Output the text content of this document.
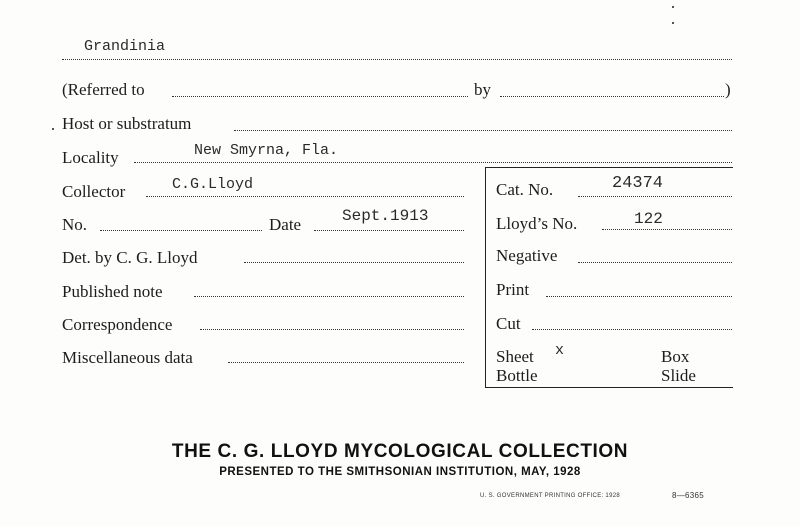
Grandinia
(Referred to	by	)
Host or substratum
Locality	New Smyrna, Fla.
Collector	C.G.Lloyd	Cat. No.	24374
No.	Date	Sept.1913	Lloyd’s No.	122
Det. by C. G. Lloyd	Negative
Published note	Print
Correspondence	Cut
Miscellaneous data	Sheet x	Box
Bottle	Slide
THE C. G. LLOYD MYCOLOGICAL COLLECTION
PRESENTED TO THE SMITHSONIAN INSTITUTION, MAY, 1928
U. S. GOVERNMENT PRINTING OFFICE: 1928	8—6365
